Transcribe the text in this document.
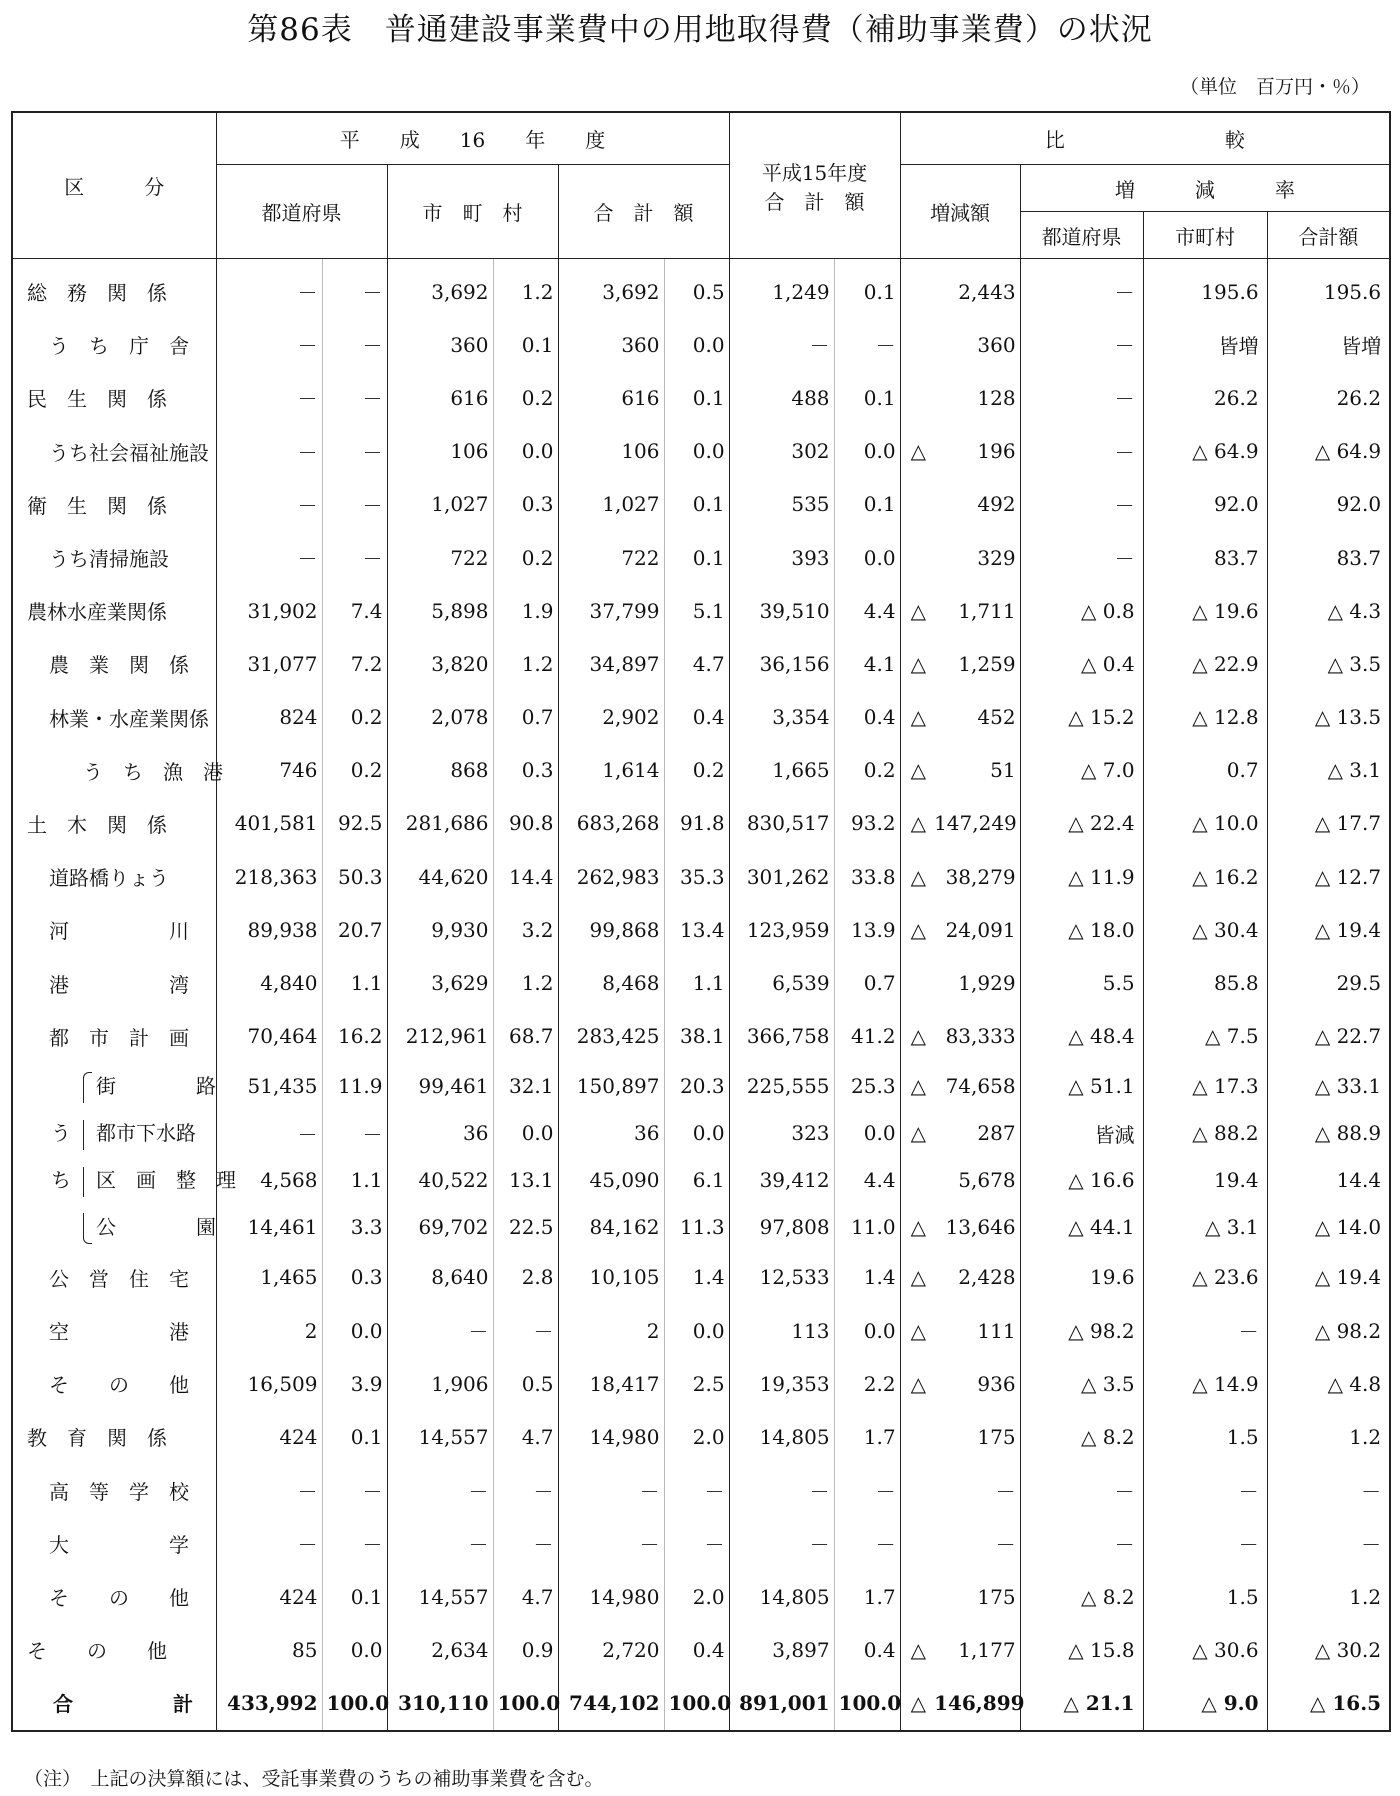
第86表　普通建設事業費中の用地取得費（補助事業費）の状況
（単位　百万円・％）
区　　　分	平　　成　　16　　年　　度						平成15年度
合　計　額		比　　　　　　　　較				
	都道府県		市　町　村		合　計　額				増減額		増　　　減　　　率		
											都道府県	市町村	合計額
総　務　関　係	－	－	3,692	1.2	3,692	0.5	1,249	0.1		2,443	－	195.6	195.6
う　ち　庁　舎	－	－	360	0.1	360	0.0	－	－		360	－	皆増	皆増
民　生　関　係	－	－	616	0.2	616	0.1	488	0.1		128	－	26.2	26.2
うち社会福祉施設	－	－	106	0.0	106	0.0	302	0.0	△	196	－	△ 64.9	△ 64.9
衛　生　関　係	－	－	1,027	0.3	1,027	0.1	535	0.1		492	－	92.0	92.0
うち清掃施設	－	－	722	0.2	722	0.1	393	0.0		329	－	83.7	83.7
農林水産業関係	31,902	7.4	5,898	1.9	37,799	5.1	39,510	4.4	△	1,711	△ 0.8	△ 19.6	△ 4.3
農　業　関　係	31,077	7.2	3,820	1.2	34,897	4.7	36,156	4.1	△	1,259	△ 0.4	△ 22.9	△ 3.5
林業・水産業関係	824	0.2	2,078	0.7	2,902	0.4	3,354	0.4	△	452	△ 15.2	△ 12.8	△ 13.5
う　ち　漁　港	746	0.2	868	0.3	1,614	0.2	1,665	0.2	△	51	△ 7.0	0.7	△ 3.1
土　木　関　係	401,581	92.5	281,686	90.8	683,268	91.8	830,517	93.2	△	147,249	△ 22.4	△ 10.0	△ 17.7
道路橋りょう	218,363	50.3	44,620	14.4	262,983	35.3	301,262	33.8	△	38,279	△ 11.9	△ 16.2	△ 12.7
河　　　　　川	89,938	20.7	9,930	3.2	99,868	13.4	123,959	13.9	△	24,091	△ 18.0	△ 30.4	△ 19.4
港　　　　　湾	4,840	1.1	3,629	1.2	8,468	1.1	6,539	0.7		1,929	5.5	85.8	29.5
都　市　計　画	70,464	16.2	212,961	68.7	283,425	38.1	366,758	41.2	△	83,333	△ 48.4	△ 7.5	△ 22.7
街　　　　路	51,435	11.9	99,461	32.1	150,897	20.3	225,555	25.3	△	74,658	△ 51.1	△ 17.3	△ 33.1
う 都市下水路	－	－	36	0.0	36	0.0	323	0.0	△	287	皆減	△ 88.2	△ 88.9
ち 区　画　整　理	4,568	1.1	40,522	13.1	45,090	6.1	39,412	4.4		5,678	△ 16.6	19.4	14.4
公　　　　園	14,461	3.3	69,702	22.5	84,162	11.3	97,808	11.0	△	13,646	△ 44.1	△ 3.1	△ 14.0
公　営　住　宅	1,465	0.3	8,640	2.8	10,105	1.4	12,533	1.4	△	2,428	19.6	△ 23.6	△ 19.4
空　　　　　港	2	0.0	－	－	2	0.0	113	0.0	△	111	△ 98.2	－	△ 98.2
そ　　の　　他	16,509	3.9	1,906	0.5	18,417	2.5	19,353	2.2	△	936	△ 3.5	△ 14.9	△ 4.8
教　育　関　係	424	0.1	14,557	4.7	14,980	2.0	14,805	1.7		175	△ 8.2	1.5	1.2
高　等　学　校	－	－	－	－	－	－	－	－		－	－	－	－
大　　　　　学	－	－	－	－	－	－	－	－		－	－	－	－
そ　　の　　他	424	0.1	14,557	4.7	14,980	2.0	14,805	1.7		175	△ 8.2	1.5	1.2
そ　　の　　他	85	0.0	2,634	0.9	2,720	0.4	3,897	0.4	△	1,177	△ 15.8	△ 30.6	△ 30.2
合　　　　　計	433,992	100.0	310,110	100.0	744,102	100.0	891,001	100.0	△	146,899	△ 21.1	△ 9.0	△ 16.5
（注）　上記の決算額には、受託事業費のうちの補助事業費を含む。
